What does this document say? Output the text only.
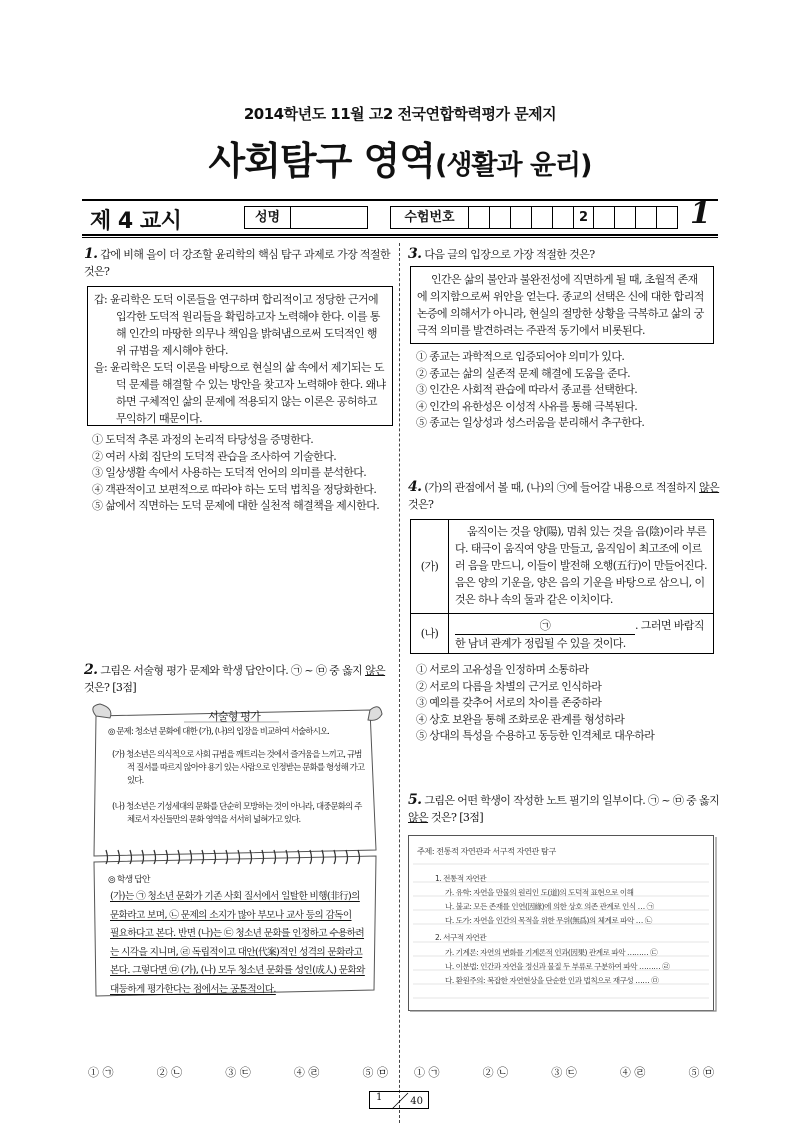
2014학년도 11월 고2 전국연합학력평가 문제지
사회탐구 영역(생활과 윤리)
제 4 교시	성명	수험번호	2	1
1. 갑에 비해 을이 더 강조할 윤리학의 핵심 탐구 과제로 가장 적절한 것은?
갑: 윤리학은 도덕 이론들을 연구하며 합리적이고 정당한 근거에 입각한 도덕적 원리들을 확립하고자 노력해야 한다. 이를 통해 인간의 마땅한 의무나 책임을 밝혀냄으로써 도덕적인 행위 규범을 제시해야 한다.
을: 윤리학은 도덕 이론을 바탕으로 현실의 삶 속에서 제기되는 도덕 문제를 해결할 수 있는 방안을 찾고자 노력해야 한다. 왜냐하면 구체적인 삶의 문제에 적용되지 않는 이론은 공허하고 무익하기 때문이다.
① 도덕적 추론 과정의 논리적 타당성을 증명한다.
② 여러 사회 집단의 도덕적 관습을 조사하여 기술한다.
③ 일상생활 속에서 사용하는 도덕적 언어의 의미를 분석한다.
④ 객관적이고 보편적으로 따라야 하는 도덕 법칙을 정당화한다.
⑤ 삶에서 직면하는 도덕 문제에 대한 실천적 해결책을 제시한다.
2. 그림은 서술형 평가 문제와 학생 답안이다. ㉠ ~ ㉤ 중 옳지 않은 것은? [3점]
서술형 평가
◎ 문제: 청소년 문화에 대한 (가), (나)의 입장을 비교하여 서술하시오.
(가) 청소년은 의식적으로 사회 규범을 깨트리는 것에서 즐거움을 느끼고, 규범적 질서를 따르지 않아야 용기 있는 사람으로 인정받는 문화를 형성해 가고 있다.
(나) 청소년은 기성세대의 문화를 단순히 모방하는 것이 아니라, 대중문화의 주체로서 자신들만의 문화 영역을 서서히 넓혀가고 있다.
◎ 학생 답안
(가)는 ㉠ 청소년 문화가 기존 사회 질서에서 일탈한 비행(非行)의
문화라고 보며, ㉡ 문제의 소지가 많아 부모나 교사 등의 감독이
필요하다고 본다. 반면 (나)는 ㉢ 청소년 문화를 인정하고 수용하려
는 시각을 지니며, ㉣ 독립적이고 대안(代案)적인 성격의 문화라고
본다. 그렇다면 ㉤ (가), (나) 모두 청소년 문화를 성인(成人) 문화와
대등하게 평가한다는 점에서는 공통적이다.
① ㉠	② ㉡	③ ㉢	④ ㉣	⑤ ㉤
3. 다음 글의 입장으로 가장 적절한 것은?
인간은 삶의 불안과 불완전성에 직면하게 될 때, 초월적 존재에 의지함으로써 위안을 얻는다. 종교의 선택은 신에 대한 합리적 논증에 의해서가 아니라, 현실의 절망한 상황을 극복하고 삶의 궁극적 의미를 발견하려는 주관적 동기에서 비롯된다.
① 종교는 과학적으로 입증되어야 의미가 있다.
② 종교는 삶의 실존적 문제 해결에 도움을 준다.
③ 인간은 사회적 관습에 따라서 종교를 선택한다.
④ 인간의 유한성은 이성적 사유를 통해 극복된다.
⑤ 종교는 일상성과 성스러움을 분리해서 추구한다.
4. (가)의 관점에서 볼 때, (나)의 ㉠에 들어갈 내용으로 적절하지 않은 것은?
(가)
움직이는 것을 양(陽), 멈춰 있는 것을 음(陰)이라 부른다. 태극이 움직여 양을 만들고, 움직임이 최고조에 이르러 음을 만드니, 이들이 발전해 오행(五行)이 만들어진다. 음은 양의 기운을, 양은 음의 기운을 바탕으로 삼으니, 이것은 하나 속의 둘과 같은 이치이다.
(나)
㉠	. 그러면 바람직
한 남녀 관계가 정립될 수 있을 것이다.
① 서로의 고유성을 인정하며 소통하라
② 서로의 다름을 차별의 근거로 인식하라
③ 예의를 갖추어 서로의 차이를 존중하라
④ 상호 보완을 통해 조화로운 관계를 형성하라
⑤ 상대의 특성을 수용하고 동등한 인격체로 대우하라
5. 그림은 어떤 학생이 작성한 노트 필기의 일부이다. ㉠ ~ ㉤ 중 옳지 않은 것은? [3점]
주제: 전통적 자연관과 서구적 자연관 탐구
1. 전통적 자연관
가. 유학: 자연을 만물의 원리인 도(道)의 도덕적 표현으로 이해
나. 불교: 모든 존재를 인연(因緣)에 의한 상호 의존 관계로 인식 … ㉠
다. 도가: 자연을 인간의 목적을 위한 무위(無爲)의 체계로 파악 … ㉡
2. 서구적 자연관
가. 기계론: 자연의 변화를 기계론적 인과(因果) 관계로 파악 ……… ㉢
나. 이분법: 인간과 자연을 정신과 물질 두 부류로 구분하여 파악 ……… ㉣
다. 환원주의: 복잡한 자연현상을 단순한 인과 법칙으로 재구성 …… ㉤
① ㉠	② ㉡	③ ㉢	④ ㉣	⑤ ㉤
1	40
